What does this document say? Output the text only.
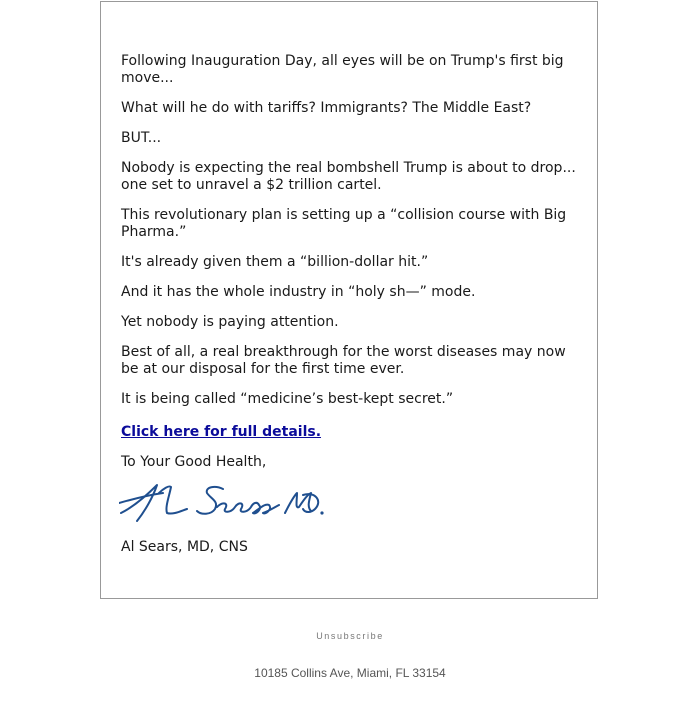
Following Inauguration Day, all eyes will be on Trump's first big move...

What will he do with tariffs? Immigrants? The Middle East?

BUT...

Nobody is expecting the real bombshell Trump is about to drop... one set to unravel a $2 trillion cartel.

This revolutionary plan is setting up a “collision course with Big Pharma.”

It's already given them a “billion-dollar hit.”

And it has the whole industry in “holy sh—” mode.

Yet nobody is paying attention.

Best of all, a real breakthrough for the worst diseases may now be at our disposal for the first time ever.

It is being called “medicine’s best-kept secret.”

Click here for full details.

To Your Good Health,

Al Sears, MD, CNS

Unsubscribe
10185 Collins Ave, Miami, FL 33154
